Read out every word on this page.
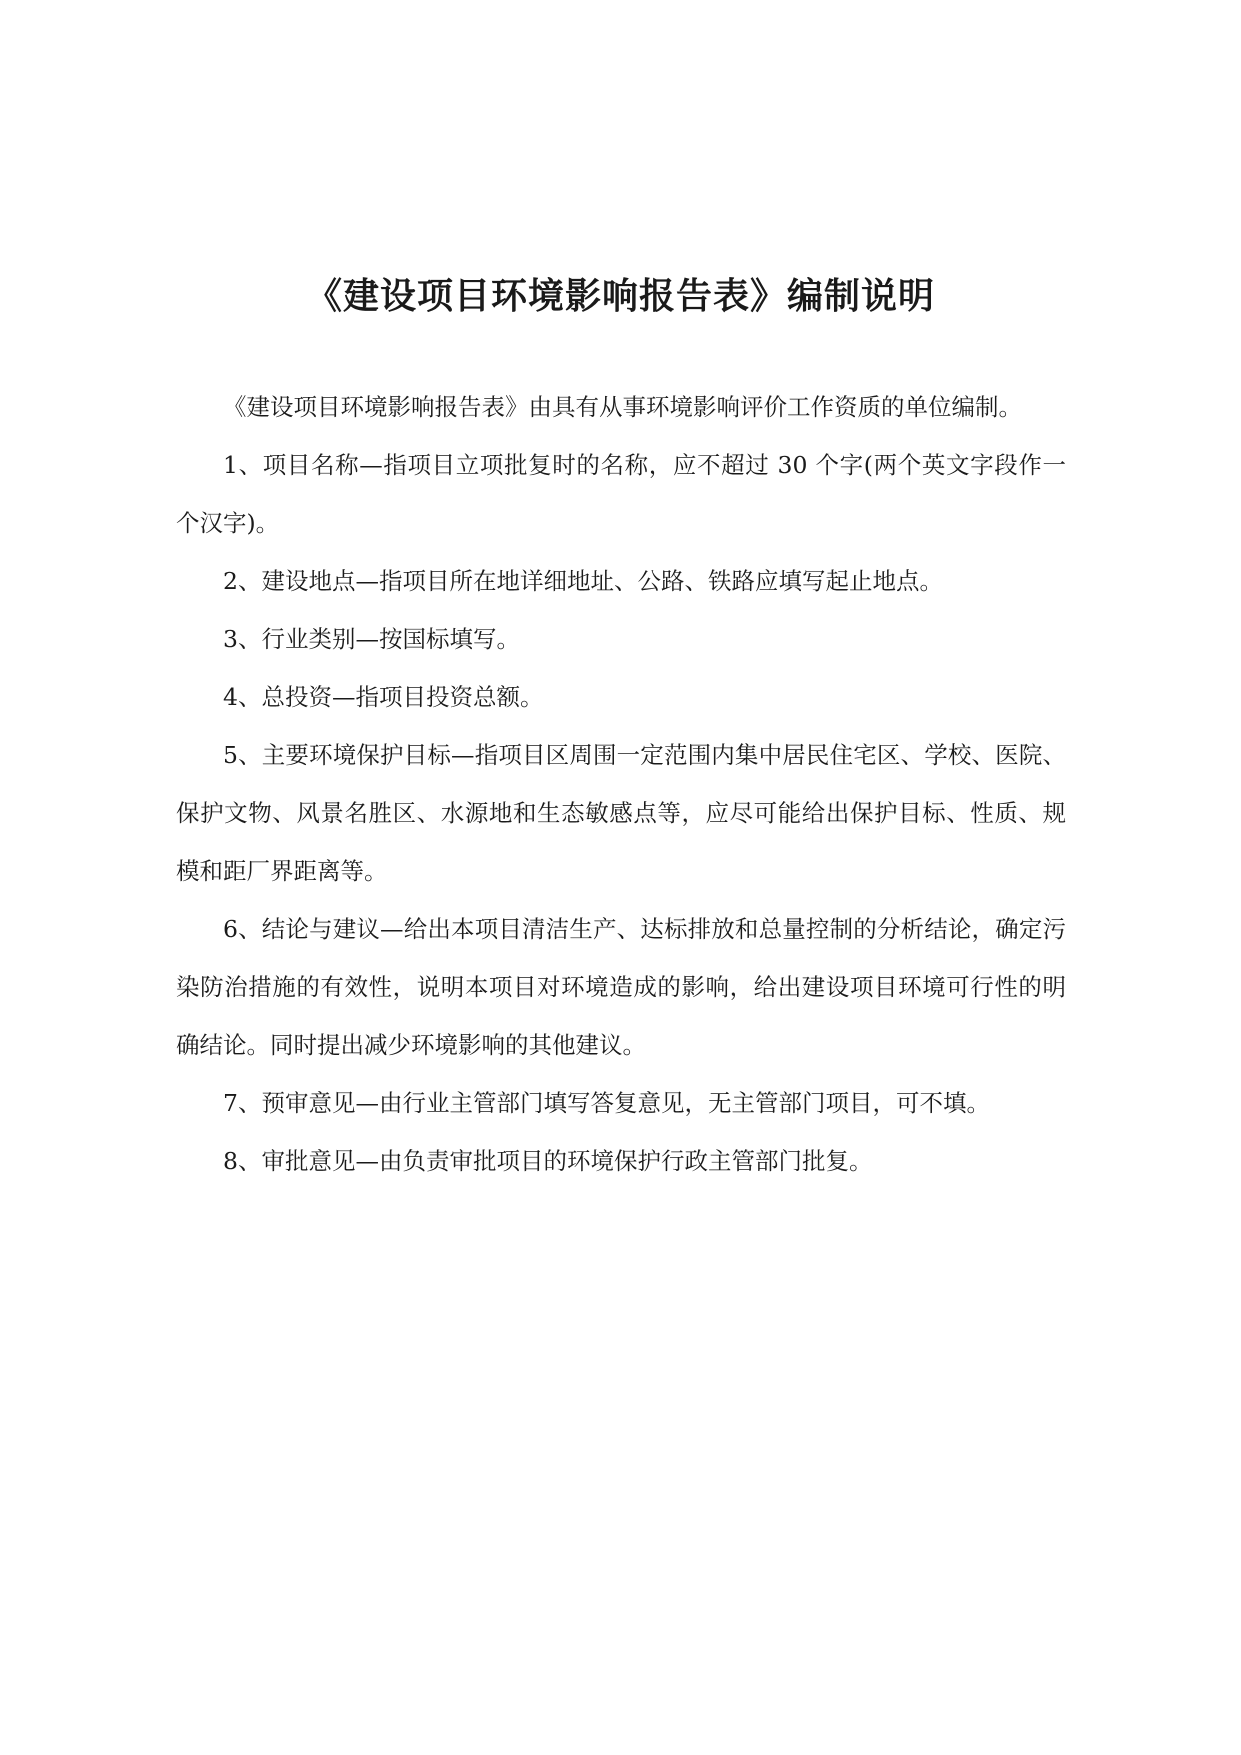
《建设项目环境影响报告表》编制说明

《建设项目环境影响报告表》由具有从事环境影响评价工作资质的单位编制。

1、项目名称—指项目立项批复时的名称，应不超过 30 个字(两个英文字段作一个汉字)。

2、建设地点—指项目所在地详细地址、公路、铁路应填写起止地点。

3、行业类别—按国标填写。

4、总投资—指项目投资总额。

5、主要环境保护目标—指项目区周围一定范围内集中居民住宅区、学校、医院、保护文物、风景名胜区、水源地和生态敏感点等，应尽可能给出保护目标、性质、规模和距厂界距离等。

6、结论与建议—给出本项目清洁生产、达标排放和总量控制的分析结论，确定污染防治措施的有效性，说明本项目对环境造成的影响，给出建设项目环境可行性的明确结论。同时提出减少环境影响的其他建议。

7、预审意见—由行业主管部门填写答复意见，无主管部门项目，可不填。

8、审批意见—由负责审批项目的环境保护行政主管部门批复。
